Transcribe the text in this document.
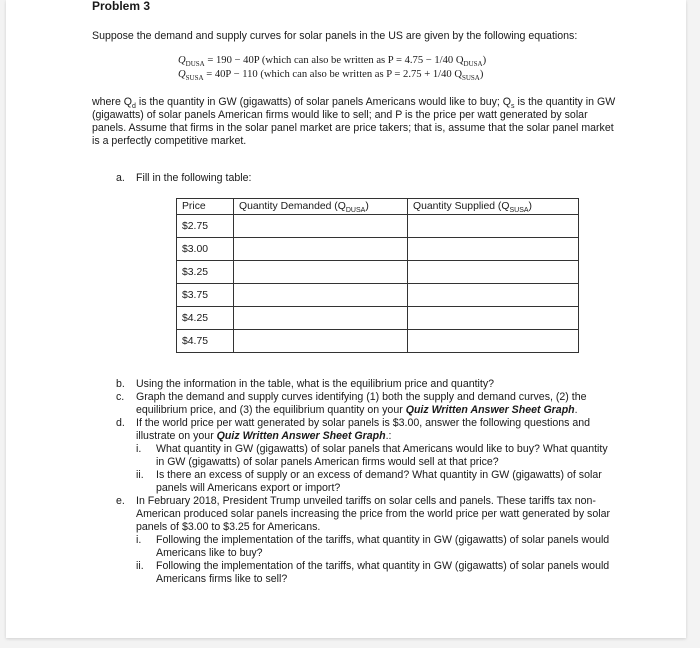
Problem 3
Suppose the demand and supply curves for solar panels in the US are given by the following equations:
$Q_{DUSA} = 190 - 40P$ (which can also be written as P = 4.75 − 1/40 $Q_{DUSA}$)
$Q_{SUSA} = 40P - 110$ (which can also be written as P = 2.75 + 1/40 $Q_{SUSA}$)
where $Q_d$ is the quantity in GW (gigawatts) of solar panels Americans would like to buy; $Q_s$ is the quantity in GW (gigawatts) of solar panels American firms would like to sell; and P is the price per watt generated by solar panels. Assume that firms in the solar panel market are price takers; that is, assume that the solar panel market is a perfectly competitive market.
a. Fill in the following table:
Price	Quantity Demanded $(Q_{DUSA})$	Quantity Supplied $(Q_{SUSA})$
$2.75		
$3.00		
$3.25		
$3.75		
$4.25		
$4.75		
b. Using the information in the table, what is the equilibrium price and quantity?
c. Graph the demand and supply curves identifying (1) both the supply and demand curves, (2) the equilibrium price, and (3) the equilibrium quantity on your Quiz Written Answer Sheet Graph.
d. If the world price per watt generated by solar panels is $3.00, answer the following questions and illustrate on your Quiz Written Answer Sheet Graph.:
i. What quantity in GW (gigawatts) of solar panels that Americans would like to buy? What quantity in GW (gigawatts) of solar panels American firms would sell at that price?
ii. Is there an excess of supply or an excess of demand? What quantity in GW (gigawatts) of solar panels will Americans export or import?
e. In February 2018, President Trump unveiled tariffs on solar cells and panels. These tariffs tax non-American produced solar panels increasing the price from the world price per watt generated by solar panels of $3.00 to $3.25 for Americans.
i. Following the implementation of the tariffs, what quantity in GW (gigawatts) of solar panels would Americans like to buy?
ii. Following the implementation of the tariffs, what quantity in GW (gigawatts) of solar panels would Americans firms like to sell?
